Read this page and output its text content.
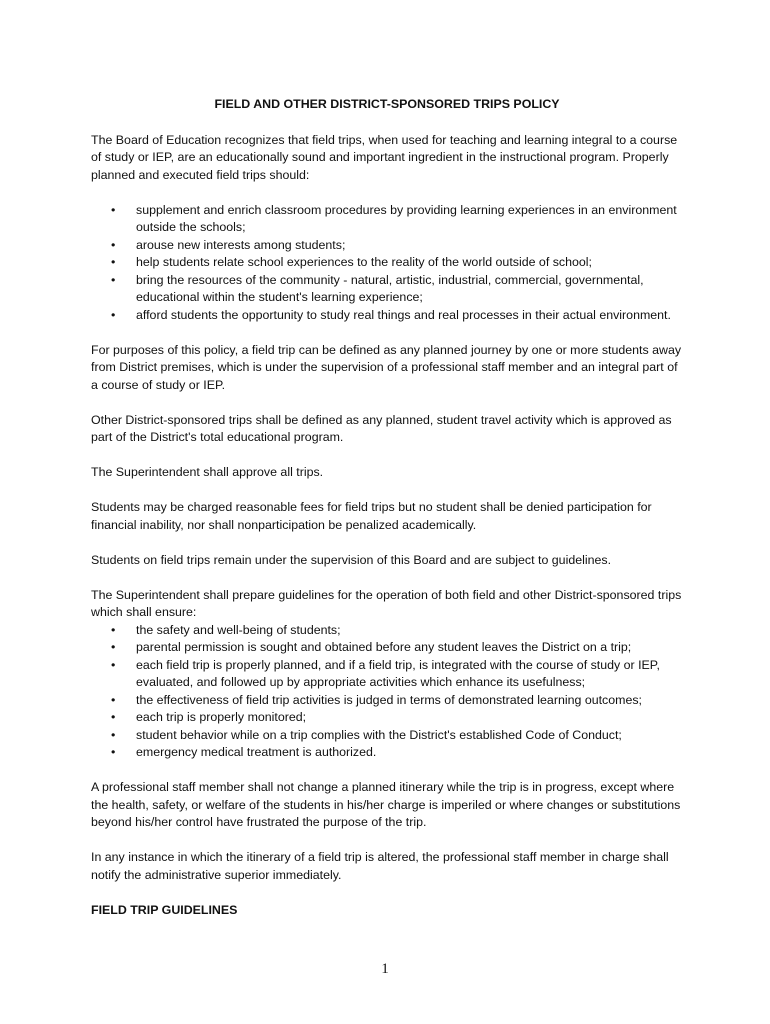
FIELD AND OTHER DISTRICT-SPONSORED TRIPS POLICY

The Board of Education recognizes that field trips, when used for teaching and learning integral to a course of study or IEP, are an educationally sound and important ingredient in the instructional program. Properly planned and executed field trips should:

• supplement and enrich classroom procedures by providing learning experiences in an environment outside the schools;
• arouse new interests among students;
• help students relate school experiences to the reality of the world outside of school;
• bring the resources of the community - natural, artistic, industrial, commercial, governmental, educational within the student's learning experience;
• afford students the opportunity to study real things and real processes in their actual environment.

For purposes of this policy, a field trip can be defined as any planned journey by one or more students away from District premises, which is under the supervision of a professional staff member and an integral part of a course of study or IEP.

Other District-sponsored trips shall be defined as any planned, student travel activity which is approved as part of the District's total educational program.

The Superintendent shall approve all trips.

Students may be charged reasonable fees for field trips but no student shall be denied participation for financial inability, nor shall nonparticipation be penalized academically.

Students on field trips remain under the supervision of this Board and are subject to guidelines.

The Superintendent shall prepare guidelines for the operation of both field and other District-sponsored trips which shall ensure:

• the safety and well-being of students;
• parental permission is sought and obtained before any student leaves the District on a trip;
• each field trip is properly planned, and if a field trip, is integrated with the course of study or IEP, evaluated, and followed up by appropriate activities which enhance its usefulness;
• the effectiveness of field trip activities is judged in terms of demonstrated learning outcomes;
• each trip is properly monitored;
• student behavior while on a trip complies with the District's established Code of Conduct;
• emergency medical treatment is authorized.

A professional staff member shall not change a planned itinerary while the trip is in progress, except where the health, safety, or welfare of the students in his/her charge is imperiled or where changes or substitutions beyond his/her control have frustrated the purpose of the trip.

In any instance in which the itinerary of a field trip is altered, the professional staff member in charge shall notify the administrative superior immediately.

FIELD TRIP GUIDELINES

1
